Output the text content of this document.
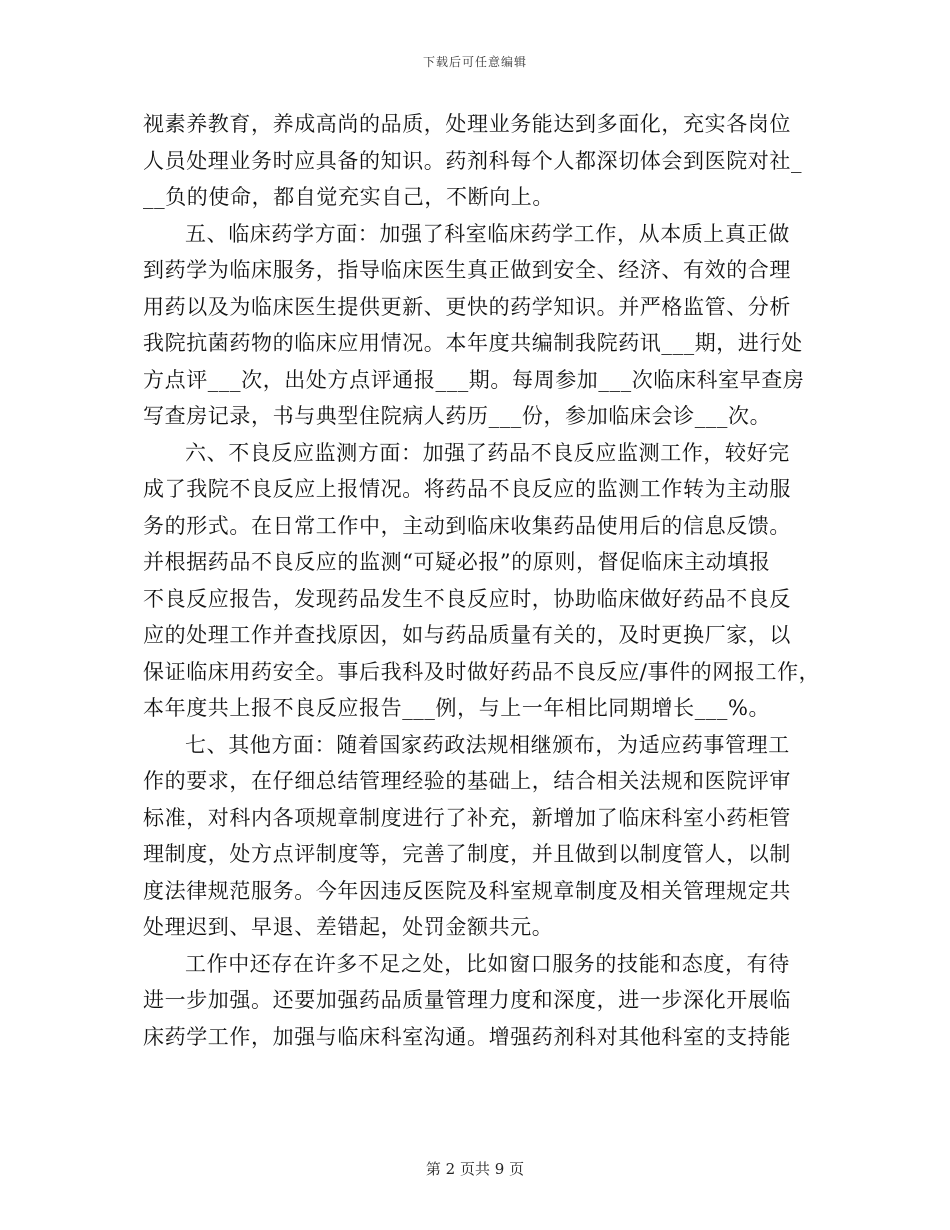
下载后可任意编辑
视素养教育，养成高尚的品质，处理业务能达到多面化，充实各岗位
人员处理业务时应具备的知识。药剂科每个人都深切体会到医院对社_
__负的使命，都自觉充实自己，不断向上。
五、临床药学方面：加强了科室临床药学工作，从本质上真正做
到药学为临床服务，指导临床医生真正做到安全、经济、有效的合理
用药以及为临床医生提供更新、更快的药学知识。并严格监管、分析
我院抗菌药物的临床应用情况。本年度共编制我院药讯___期，进行处
方点评___次，出处方点评通报___期。每周参加___次临床科室早查房
写查房记录，书与典型住院病人药历___份，参加临床会诊___次。
六、不良反应监测方面：加强了药品不良反应监测工作，较好完
成了我院不良反应上报情况。将药品不良反应的监测工作转为主动服
务的形式。在日常工作中，主动到临床收集药品使用后的信息反馈。
并根据药品不良反应的监测“可疑必报”的原则，督促临床主动填报
不良反应报告，发现药品发生不良反应时，协助临床做好药品不良反
应的处理工作并查找原因，如与药品质量有关的，及时更换厂家，以
保证临床用药安全。事后我科及时做好药品不良反应/事件的网报工作，
本年度共上报不良反应报告___例，与上一年相比同期增长___%。
七、其他方面：随着国家药政法规相继颁布，为适应药事管理工
作的要求，在仔细总结管理经验的基础上，结合相关法规和医院评审
标准，对科内各项规章制度进行了补充，新增加了临床科室小药柜管
理制度，处方点评制度等，完善了制度，并且做到以制度管人，以制
度法律规范服务。今年因违反医院及科室规章制度及相关管理规定共
处理迟到、早退、差错起，处罚金额共元。
工作中还存在许多不足之处，比如窗口服务的技能和态度，有待
进一步加强。还要加强药品质量管理力度和深度，进一步深化开展临
床药学工作，加强与临床科室沟通。增强药剂科对其他科室的支持能
第 2 页共 9 页
